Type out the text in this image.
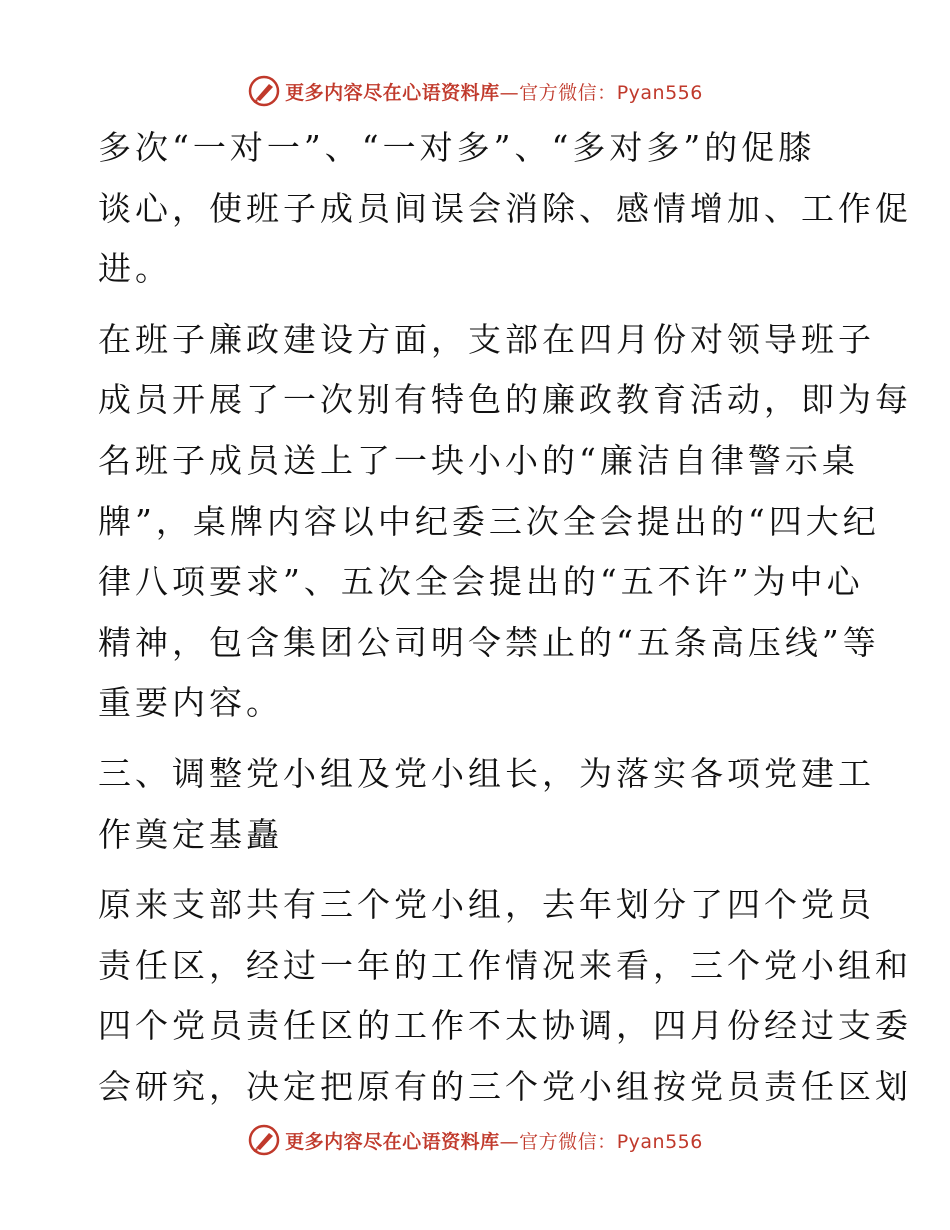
更多内容尽在心语资料库—官方微信：Pyan556

多次“一对一”、“一对多”、“多对多”的促膝
谈心，使班子成员间误会消除、感情增加、工作促
进。

在班子廉政建设方面，支部在四月份对领导班子
成员开展了一次别有特色的廉政教育活动，即为每
名班子成员送上了一块小小的“廉洁自律警示桌
牌”，桌牌内容以中纪委三次全会提出的“四大纪
律八项要求”、五次全会提出的“五不许”为中心
精神，包含集团公司明令禁止的“五条高压线”等
重要内容。

三、调整党小组及党小组长，为落实各项党建工
作奠定基矗

原来支部共有三个党小组，去年划分了四个党员
责任区，经过一年的工作情况来看，三个党小组和
四个党员责任区的工作不太协调，四月份经过支委
会研究，决定把原有的三个党小组按党员责任区划

更多内容尽在心语资料库—官方微信：Pyan556
